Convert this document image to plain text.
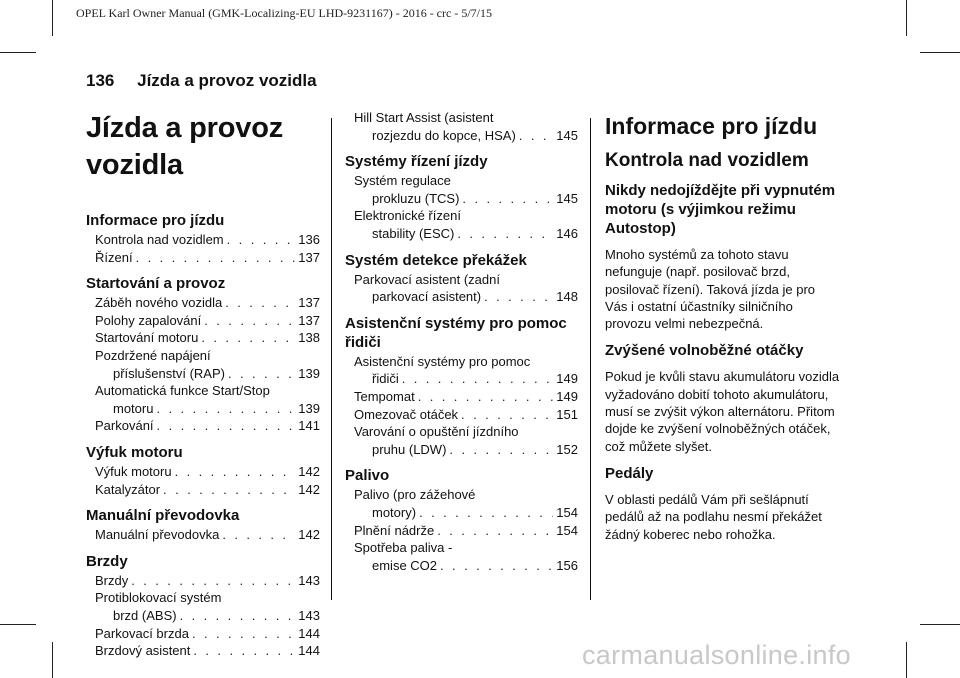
OPEL Karl Owner Manual (GMK-Localizing-EU LHD-9231167) - 2016 - crc - 5/7/15
136 Jízda a provoz vozidla
Jízda a provoz vozidla
Informace pro jízdu
Kontrola nad vozidlem . . .	136
Řízení . . .	137
Startování a provoz
Záběh nového vozidla . . .	137
Polohy zapalování . . .	137
Startování motoru . . .	138
Pozdržené napájení
příslušenství (RAP) . . .	139
Automatická funkce Start/Stop
motoru . . .	139
Parkování . . .	141
Výfuk motoru
Výfuk motoru . . .	142
Katalyzátor . . .	142
Manuální převodovka
Manuální převodovka . . .	142
Brzdy
Brzdy . . .	143
Protiblokovací systém
brzd (ABS) . . .	143
Parkovací brzda . . .	144
Brzdový asistent . . .	144
Hill Start Assist (asistent
rozjezdu do kopce, HSA) . . .	145
Systémy řízení jízdy
Systém regulace
prokluzu (TCS) . . .	145
Elektronické řízení
stability (ESC) . . .	146
Systém detekce překážek
Parkovací asistent (zadní
parkovací asistent) . . .	148
Asistenční systémy pro pomoc řidiči
Asistenční systémy pro pomoc
řidiči . . .	149
Tempomat . . .	149
Omezovač otáček . . .	151
Varování o opuštění jízdního
pruhu (LDW) . . .	152
Palivo
Palivo (pro zážehové
motory) . . .	154
Plnění nádrže . . .	154
Spotřeba paliva -
emise CO2 . . .	156
Informace pro jízdu
Kontrola nad vozidlem
Nikdy nedojíždějte při vypnutém motoru (s výjimkou režimu Autostop)

Mnoho systémů za tohoto stavu nefunguje (např. posilovač brzd, posilovač řízení). Taková jízda je pro Vás i ostatní účastníky silničního provozu velmi nebezpečná.

Zvýšené volnoběžné otáčky

Pokud je kvůli stavu akumulátoru vozidla vyžadováno dobití tohoto akumulátoru, musí se zvýšit výkon alternátoru. Přitom dojde ke zvýšení volnoběžných otáček, což můžete slyšet.

Pedály

V oblasti pedálů Vám při sešlápnutí pedálů až na podlahu nesmí překážet žádný koberec nebo rohožka.

carmanualsonline.info
